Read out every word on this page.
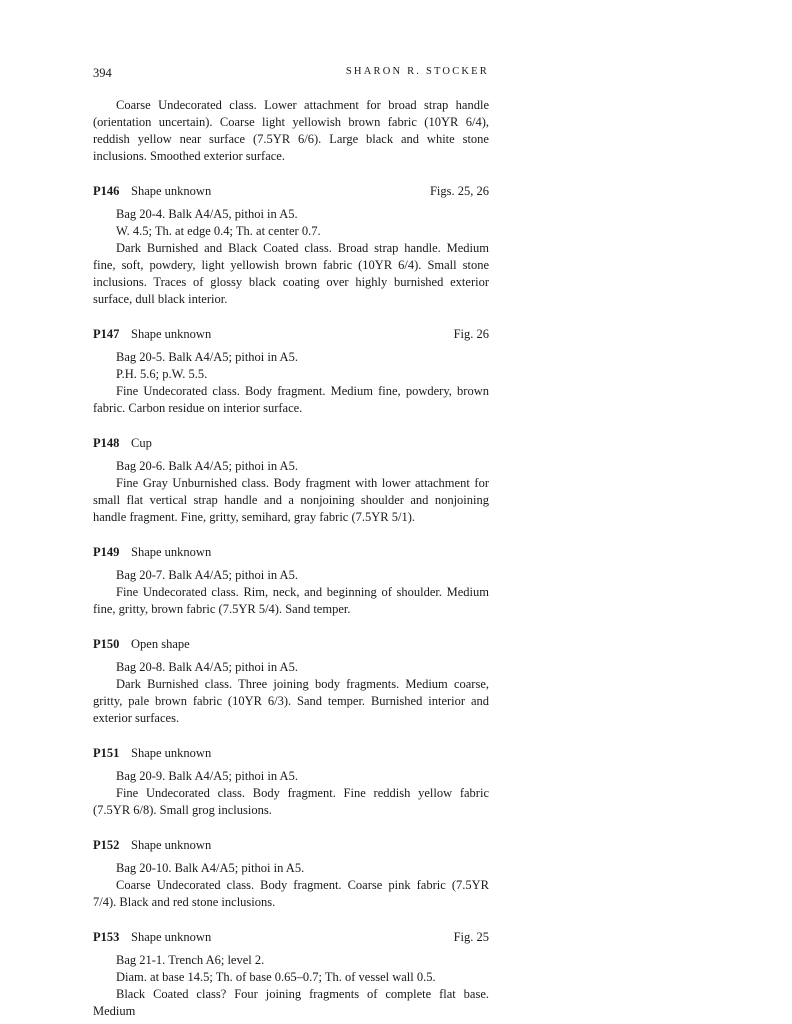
394	SHARON R. STOCKER

Coarse Undecorated class. Lower attachment for broad strap handle (orientation uncertain). Coarse light yellowish brown fabric (10YR 6/4), reddish yellow near surface (7.5YR 6/6). Large black and white stone inclusions. Smoothed exterior surface.

P146 Shape unknown	Figs. 25, 26

Bag 20-4. Balk A4/A5, pithoi in A5.

W. 4.5; Th. at edge 0.4; Th. at center 0.7.

Dark Burnished and Black Coated class. Broad strap handle. Medium fine, soft, powdery, light yellowish brown fabric (10YR 6/4). Small stone inclusions. Traces of glossy black coating over highly burnished exterior surface, dull black interior.

P147 Shape unknown	Fig. 26

Bag 20-5. Balk A4/A5; pithoi in A5.

P.H. 5.6; p.W. 5.5.

Fine Undecorated class. Body fragment. Medium fine, powdery, brown fabric. Carbon residue on interior surface.

P148 Cup

Bag 20-6. Balk A4/A5; pithoi in A5.

Fine Gray Unburnished class. Body fragment with lower attachment for small flat vertical strap handle and a nonjoining shoulder and nonjoining handle fragment. Fine, gritty, semihard, gray fabric (7.5YR 5/1).

P149 Shape unknown

Bag 20-7. Balk A4/A5; pithoi in A5.

Fine Undecorated class. Rim, neck, and beginning of shoulder. Medium fine, gritty, brown fabric (7.5YR 5/4). Sand temper.

P150 Open shape

Bag 20-8. Balk A4/A5; pithoi in A5.

Dark Burnished class. Three joining body fragments. Medium coarse, gritty, pale brown fabric (10YR 6/3). Sand temper. Burnished interior and exterior surfaces.

P151 Shape unknown

Bag 20-9. Balk A4/A5; pithoi in A5.

Fine Undecorated class. Body fragment. Fine reddish yellow fabric (7.5YR 6/8). Small grog inclusions.

P152 Shape unknown

Bag 20-10. Balk A4/A5; pithoi in A5.

Coarse Undecorated class. Body fragment. Coarse pink fabric (7.5YR 7/4). Black and red stone inclusions.

P153 Shape unknown	Fig. 25

Bag 21-1. Trench A6; level 2.

Diam. at base 14.5; Th. of base 0.65–0.7; Th. of vessel wall 0.5.

Black Coated class? Four joining fragments of complete flat base. Medium
